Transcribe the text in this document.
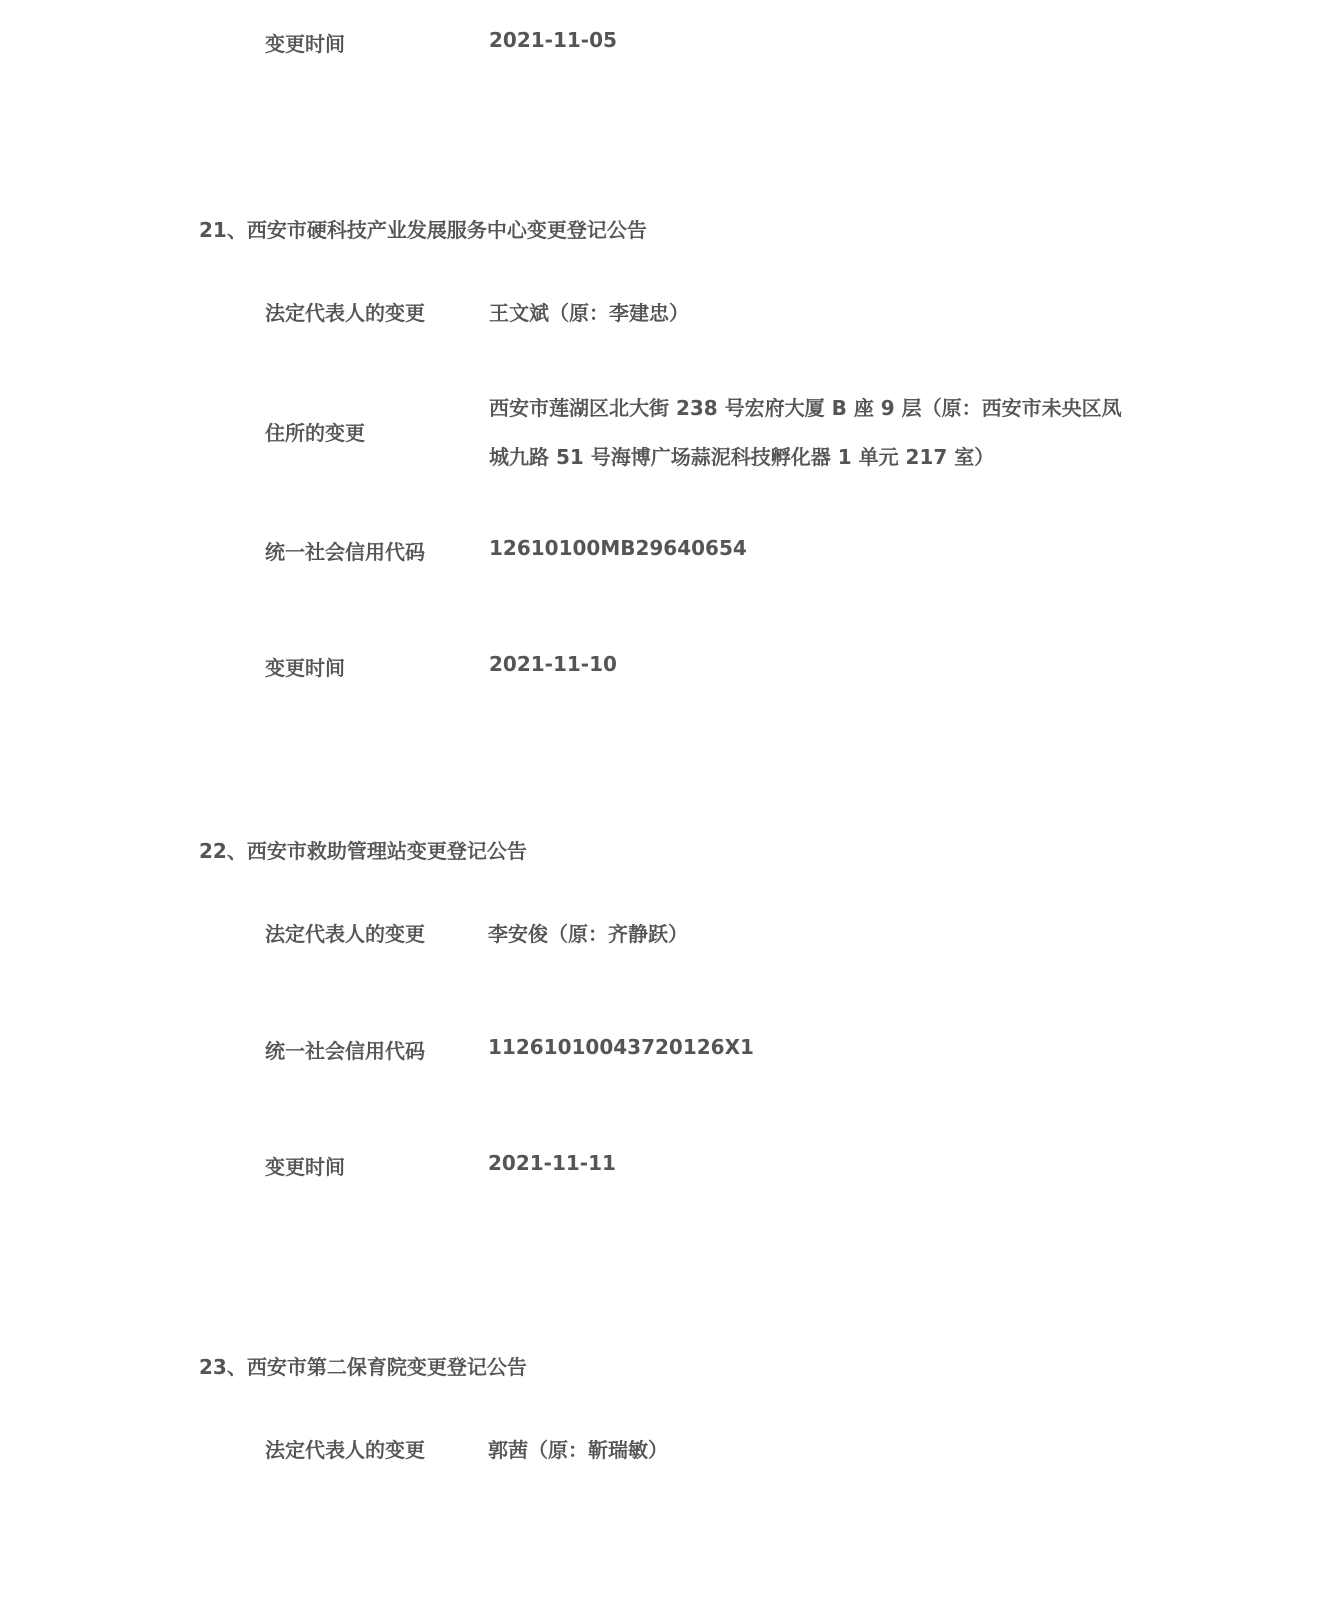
变更时间	2021-11-05
21、西安市硬科技产业发展服务中心变更登记公告
法定代表人的变更	王文斌（原：李建忠）
住所的变更
西安市莲湖区北大街 238 号宏府大厦 B 座 9 层（原：西安市未央区凤
城九路 51 号海博广场蒜泥科技孵化器 1 单元 217 室）
统一社会信用代码	12610100MB29640654
变更时间	2021-11-10
22、西安市救助管理站变更登记公告
法定代表人的变更	李安俊（原：齐静跃）
统一社会信用代码	11261010043720126X1
变更时间	2021-11-11
23、西安市第二保育院变更登记公告
法定代表人的变更	郭茜（原：靳瑞敏）
